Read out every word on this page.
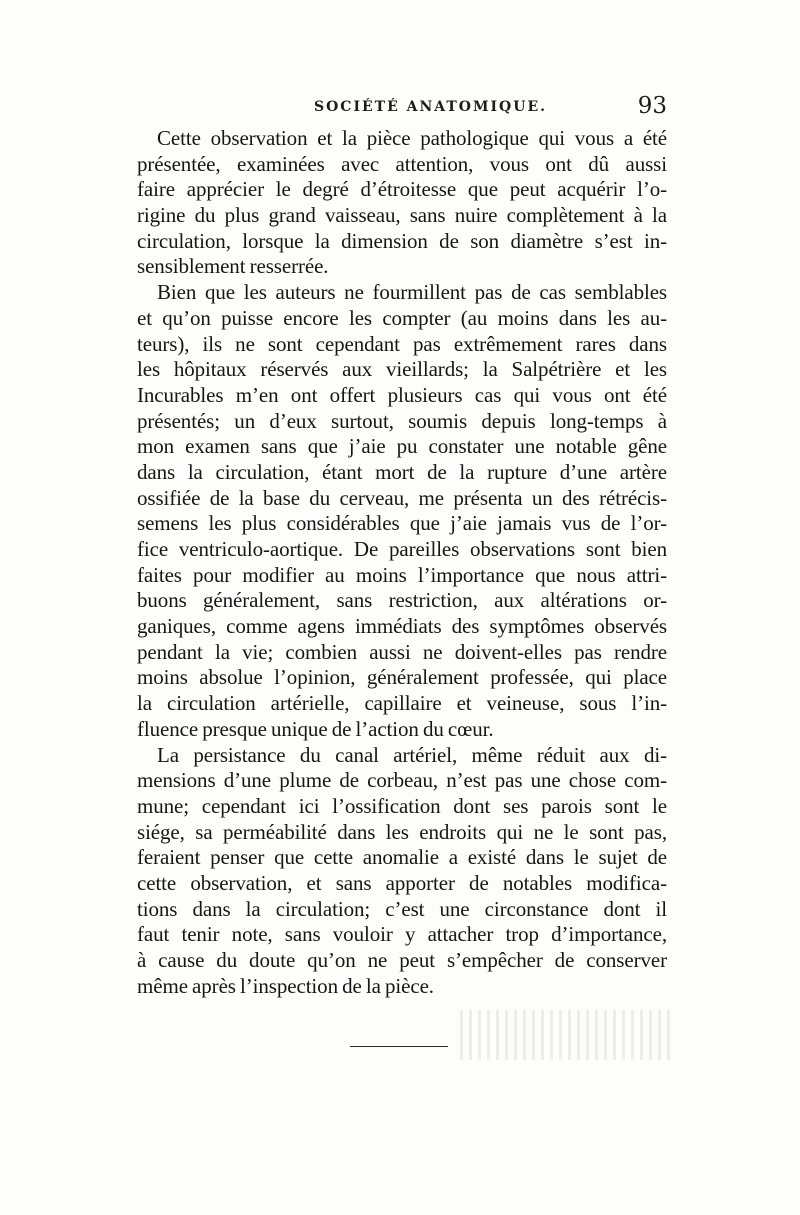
SOCIÉTÉ ANATOMIQUE.	93
Cette observation et la pièce pathologique qui vous a été
présentée, examinées avec attention, vous ont dû aussi
faire apprécier le degré d’étroitesse que peut acquérir l’o-
rigine du plus grand vaisseau, sans nuire complètement à la
circulation, lorsque la dimension de son diamètre s’est in-
sensiblement resserrée.
Bien que les auteurs ne fourmillent pas de cas semblables
et qu’on puisse encore les compter (au moins dans les au-
teurs), ils ne sont cependant pas extrêmement rares dans
les hôpitaux réservés aux vieillards; la Salpétrière et les
Incurables m’en ont offert plusieurs cas qui vous ont été
présentés; un d’eux surtout, soumis depuis long-temps à
mon examen sans que j’aie pu constater une notable gêne
dans la circulation, étant mort de la rupture d’une artère
ossifiée de la base du cerveau, me présenta un des rétrécis-
semens les plus considérables que j’aie jamais vus de l’or-
fice ventriculo-aortique. De pareilles observations sont bien
faites pour modifier au moins l’importance que nous attri-
buons généralement, sans restriction, aux altérations or-
ganiques, comme agens immédiats des symptômes observés
pendant la vie; combien aussi ne doivent-elles pas rendre
moins absolue l’opinion, généralement professée, qui place
la circulation artérielle, capillaire et veineuse, sous l’in-
fluence presque unique de l’action du cœur.
La persistance du canal artériel, même réduit aux di-
mensions d’une plume de corbeau, n’est pas une chose com-
mune; cependant ici l’ossification dont ses parois sont le
siége, sa perméabilité dans les endroits qui ne le sont pas,
feraient penser que cette anomalie a existé dans le sujet de
cette observation, et sans apporter de notables modifica-
tions dans la circulation; c’est une circonstance dont il
faut tenir note, sans vouloir y attacher trop d’importance,
à cause du doute qu’on ne peut s’empêcher de conserver
même après l’inspection de la pièce.
